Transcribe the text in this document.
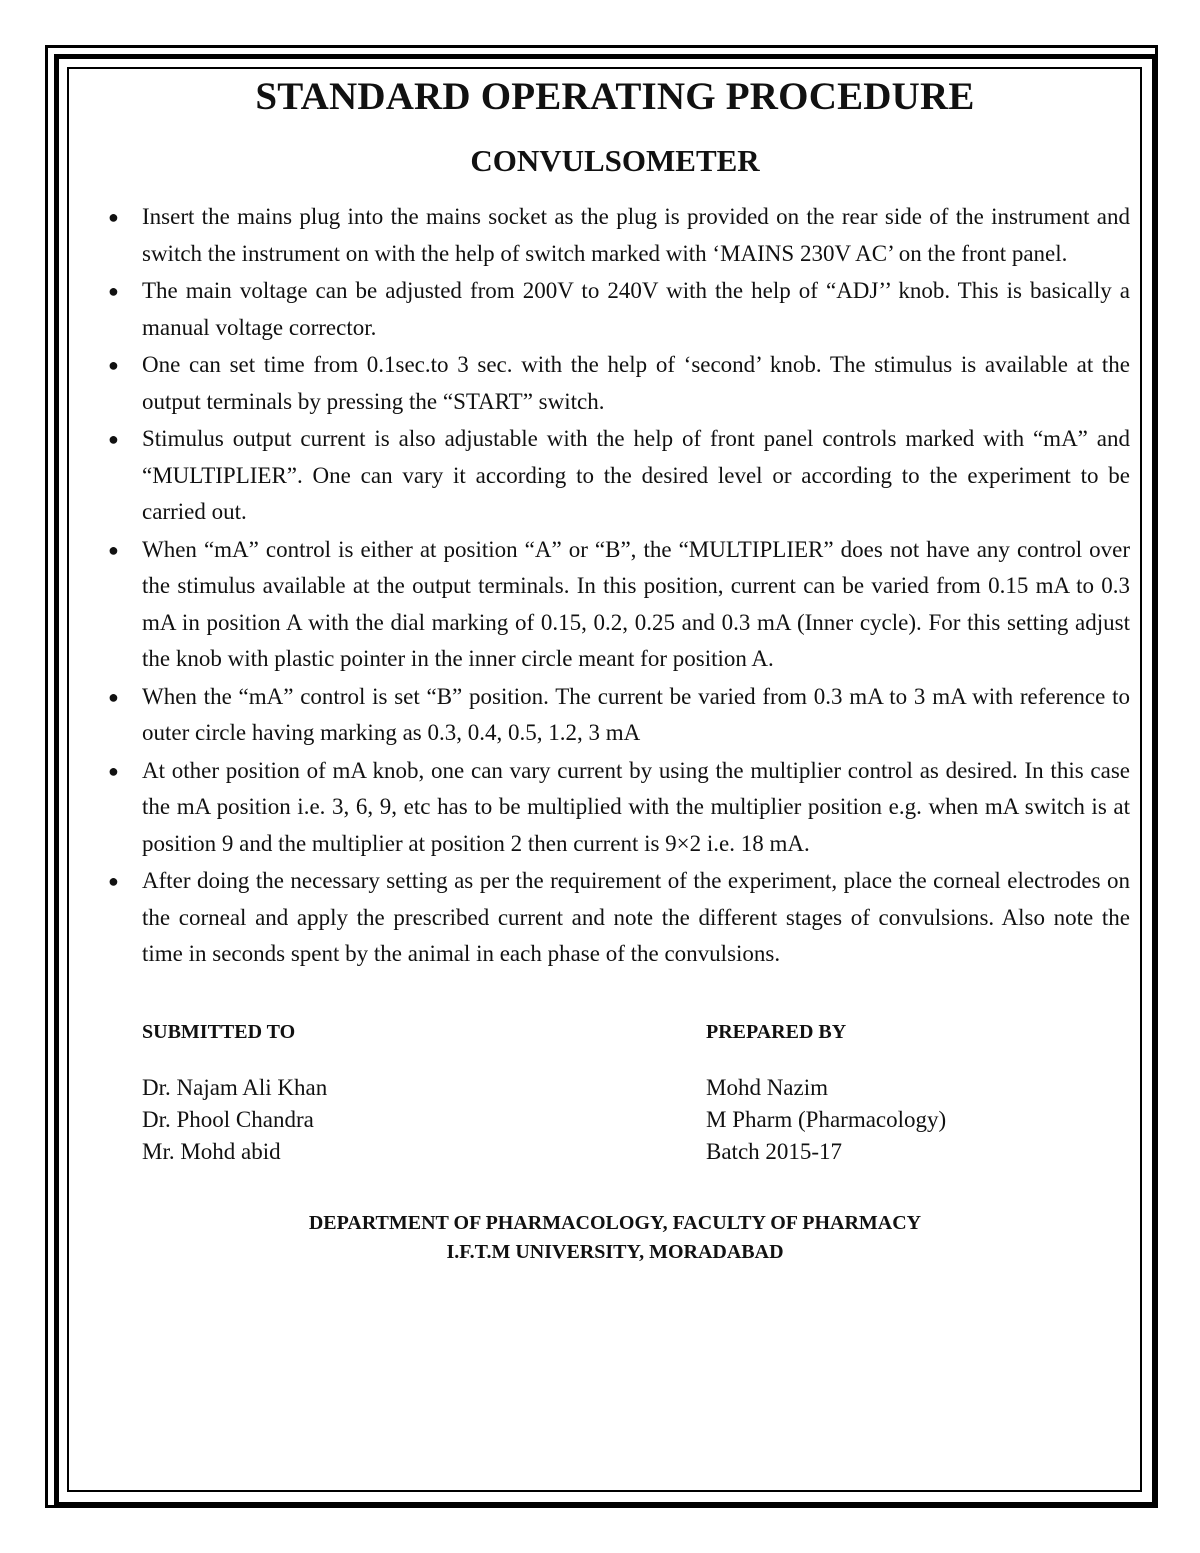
STANDARD OPERATING PROCEDURE
CONVULSOMETER
● Insert the mains plug into the mains socket as the plug is provided on the rear side of the instrument and switch the instrument on with the help of switch marked with ‘MAINS 230V AC’ on the front panel.
● The main voltage can be adjusted from 200V to 240V with the help of “ADJ’’ knob. This is basically a manual voltage corrector.
● One can set time from 0.1sec.to 3 sec. with the help of ‘second’ knob. The stimulus is available at the output terminals by pressing the “START” switch.
● Stimulus output current is also adjustable with the help of front panel controls marked with “mA” and “MULTIPLIER”. One can vary it according to the desired level or according to the experiment to be carried out.
● When “mA” control is either at position “A” or “B”, the “MULTIPLIER” does not have any control over the stimulus available at the output terminals. In this position, current can be varied from 0.15 mA to 0.3 mA in position A with the dial marking of 0.15, 0.2, 0.25 and 0.3 mA (Inner cycle). For this setting adjust the knob with plastic pointer in the inner circle meant for position A.
● When the “mA” control is set “B” position. The current be varied from 0.3 mA to 3 mA with reference to outer circle having marking as 0.3, 0.4, 0.5, 1.2, 3 mA
● At other position of mA knob, one can vary current by using the multiplier control as desired. In this case the mA position i.e. 3, 6, 9, etc has to be multiplied with the multiplier position e.g. when mA switch is at position 9 and the multiplier at position 2 then current is 9×2 i.e. 18 mA.
● After doing the necessary setting as per the requirement of the experiment, place the corneal electrodes on the corneal and apply the prescribed current and note the different stages of convulsions. Also note the time in seconds spent by the animal in each phase of the convulsions.
SUBMITTED TO
Dr. Najam Ali Khan
Dr. Phool Chandra
Mr. Mohd abid
PREPARED BY
Mohd Nazim
M Pharm (Pharmacology)
Batch 2015-17
DEPARTMENT OF PHARMACOLOGY, FACULTY OF PHARMACY
I.F.T.M UNIVERSITY, MORADABAD
